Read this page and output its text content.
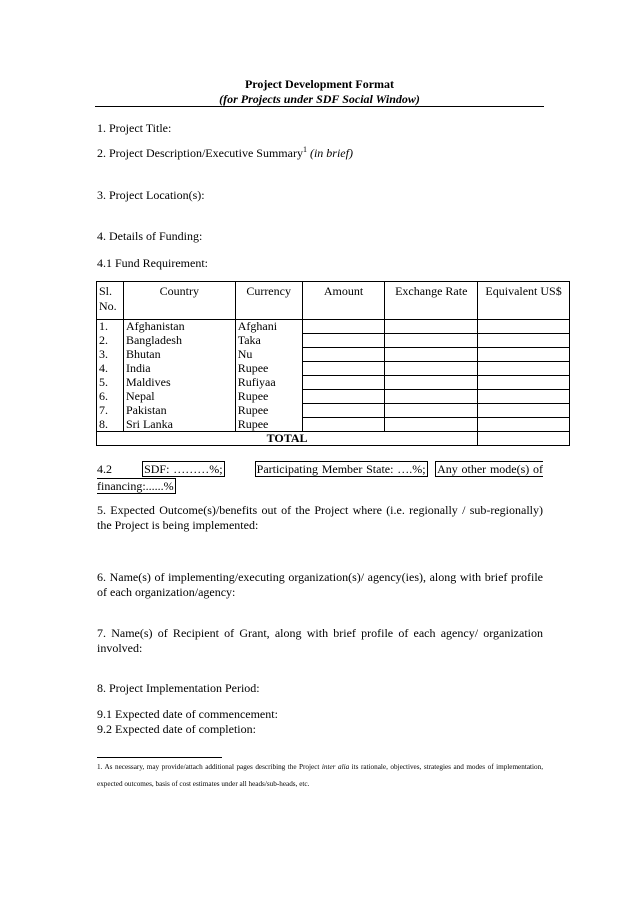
Project Development Format
(for Projects under SDF Social Window)
1. Project Title:
2. Project Description/Executive Summary$^1$ (in brief)
3. Project Location(s):
4. Details of Funding:
4.1 Fund Requirement:
Sl. No.	Country	Currency	Amount	Exchange Rate	Equivalent US$
1.	Afghanistan	Afghani			
2.	Bangladesh	Taka			
3.	Bhutan	Nu			
4.	India	Rupee			
5.	Maldives	Rufiyaa			
6.	Nepal	Rupee			
7.	Pakistan	Rupee			
8.	Sri Lanka	Rupee			
TOTAL					
4.2	SDF: ………%;	Participating Member State: ….%; Any other mode(s) of financing:......%
5. Expected Outcome(s)/benefits out of the Project where (i.e. regionally / sub-regionally) the Project is being implemented:
6. Name(s) of implementing/executing organization(s)/ agency(ies), along with brief profile of each organization/agency:
7. Name(s) of Recipient of Grant, along with brief profile of each agency/ organization involved:
8. Project Implementation Period:
9.1 Expected date of commencement:
9.2 Expected date of completion:
1. As necessary, may provide/attach additional pages describing the Project inter alia its rationale, objectives, strategies and modes of implementation, expected outcomes, basis of cost estimates under all heads/sub-heads, etc.
